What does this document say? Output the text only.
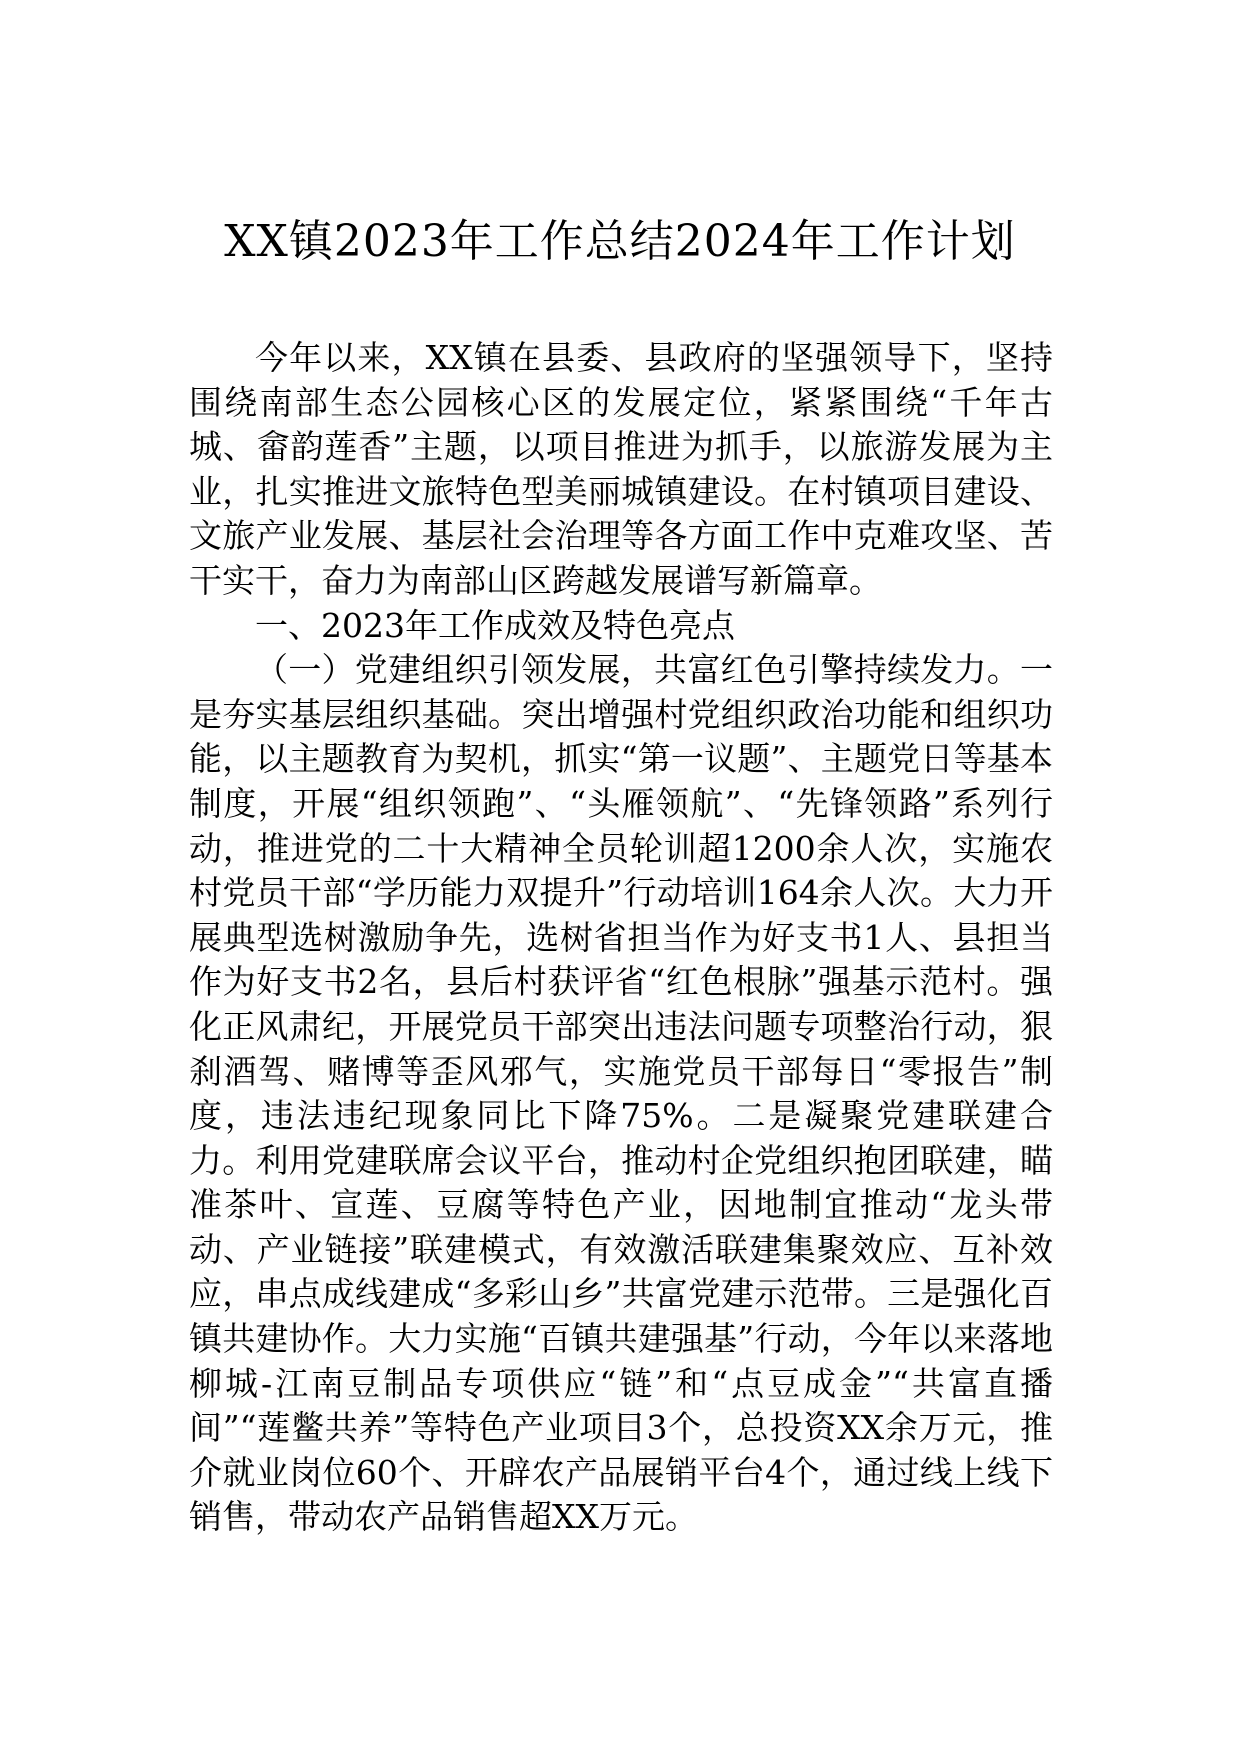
XX镇2023年工作总结2024年工作计划

今年以来，XX镇在县委、县政府的坚强领导下，坚持围绕南部生态公园核心区的发展定位，紧紧围绕“千年古城、畲韵莲香”主题，以项目推进为抓手，以旅游发展为主业，扎实推进文旅特色型美丽城镇建设。在村镇项目建设、文旅产业发展、基层社会治理等各方面工作中克难攻坚、苦干实干，奋力为南部山区跨越发展谱写新篇章。

一、2023年工作成效及特色亮点

（一）党建组织引领发展，共富红色引擎持续发力。一是夯实基层组织基础。突出增强村党组织政治功能和组织功能，以主题教育为契机，抓实“第一议题”、主题党日等基本制度，开展“组织领跑”、“头雁领航”、“先锋领路”系列行动，推进党的二十大精神全员轮训超1200余人次，实施农村党员干部“学历能力双提升”行动培训164余人次。大力开展典型选树激励争先，选树省担当作为好支书1人、县担当作为好支书2名，县后村获评省“红色根脉”强基示范村。强化正风肃纪，开展党员干部突出违法问题专项整治行动，狠刹酒驾、赌博等歪风邪气，实施党员干部每日“零报告”制度，违法违纪现象同比下降75%。二是凝聚党建联建合力。利用党建联席会议平台，推动村企党组织抱团联建，瞄准茶叶、宣莲、豆腐等特色产业，因地制宜推动“龙头带动、产业链接”联建模式，有效激活联建集聚效应、互补效应，串点成线建成“多彩山乡”共富党建示范带。三是强化百镇共建协作。大力实施“百镇共建强基”行动，今年以来落地柳城-江南豆制品专项供应“链”和“点豆成金”“共富直播间”“莲鳖共养”等特色产业项目3个，总投资XX余万元，推介就业岗位60个、开辟农产品展销平台4个，通过线上线下销售，带动农产品销售超XX万元。
